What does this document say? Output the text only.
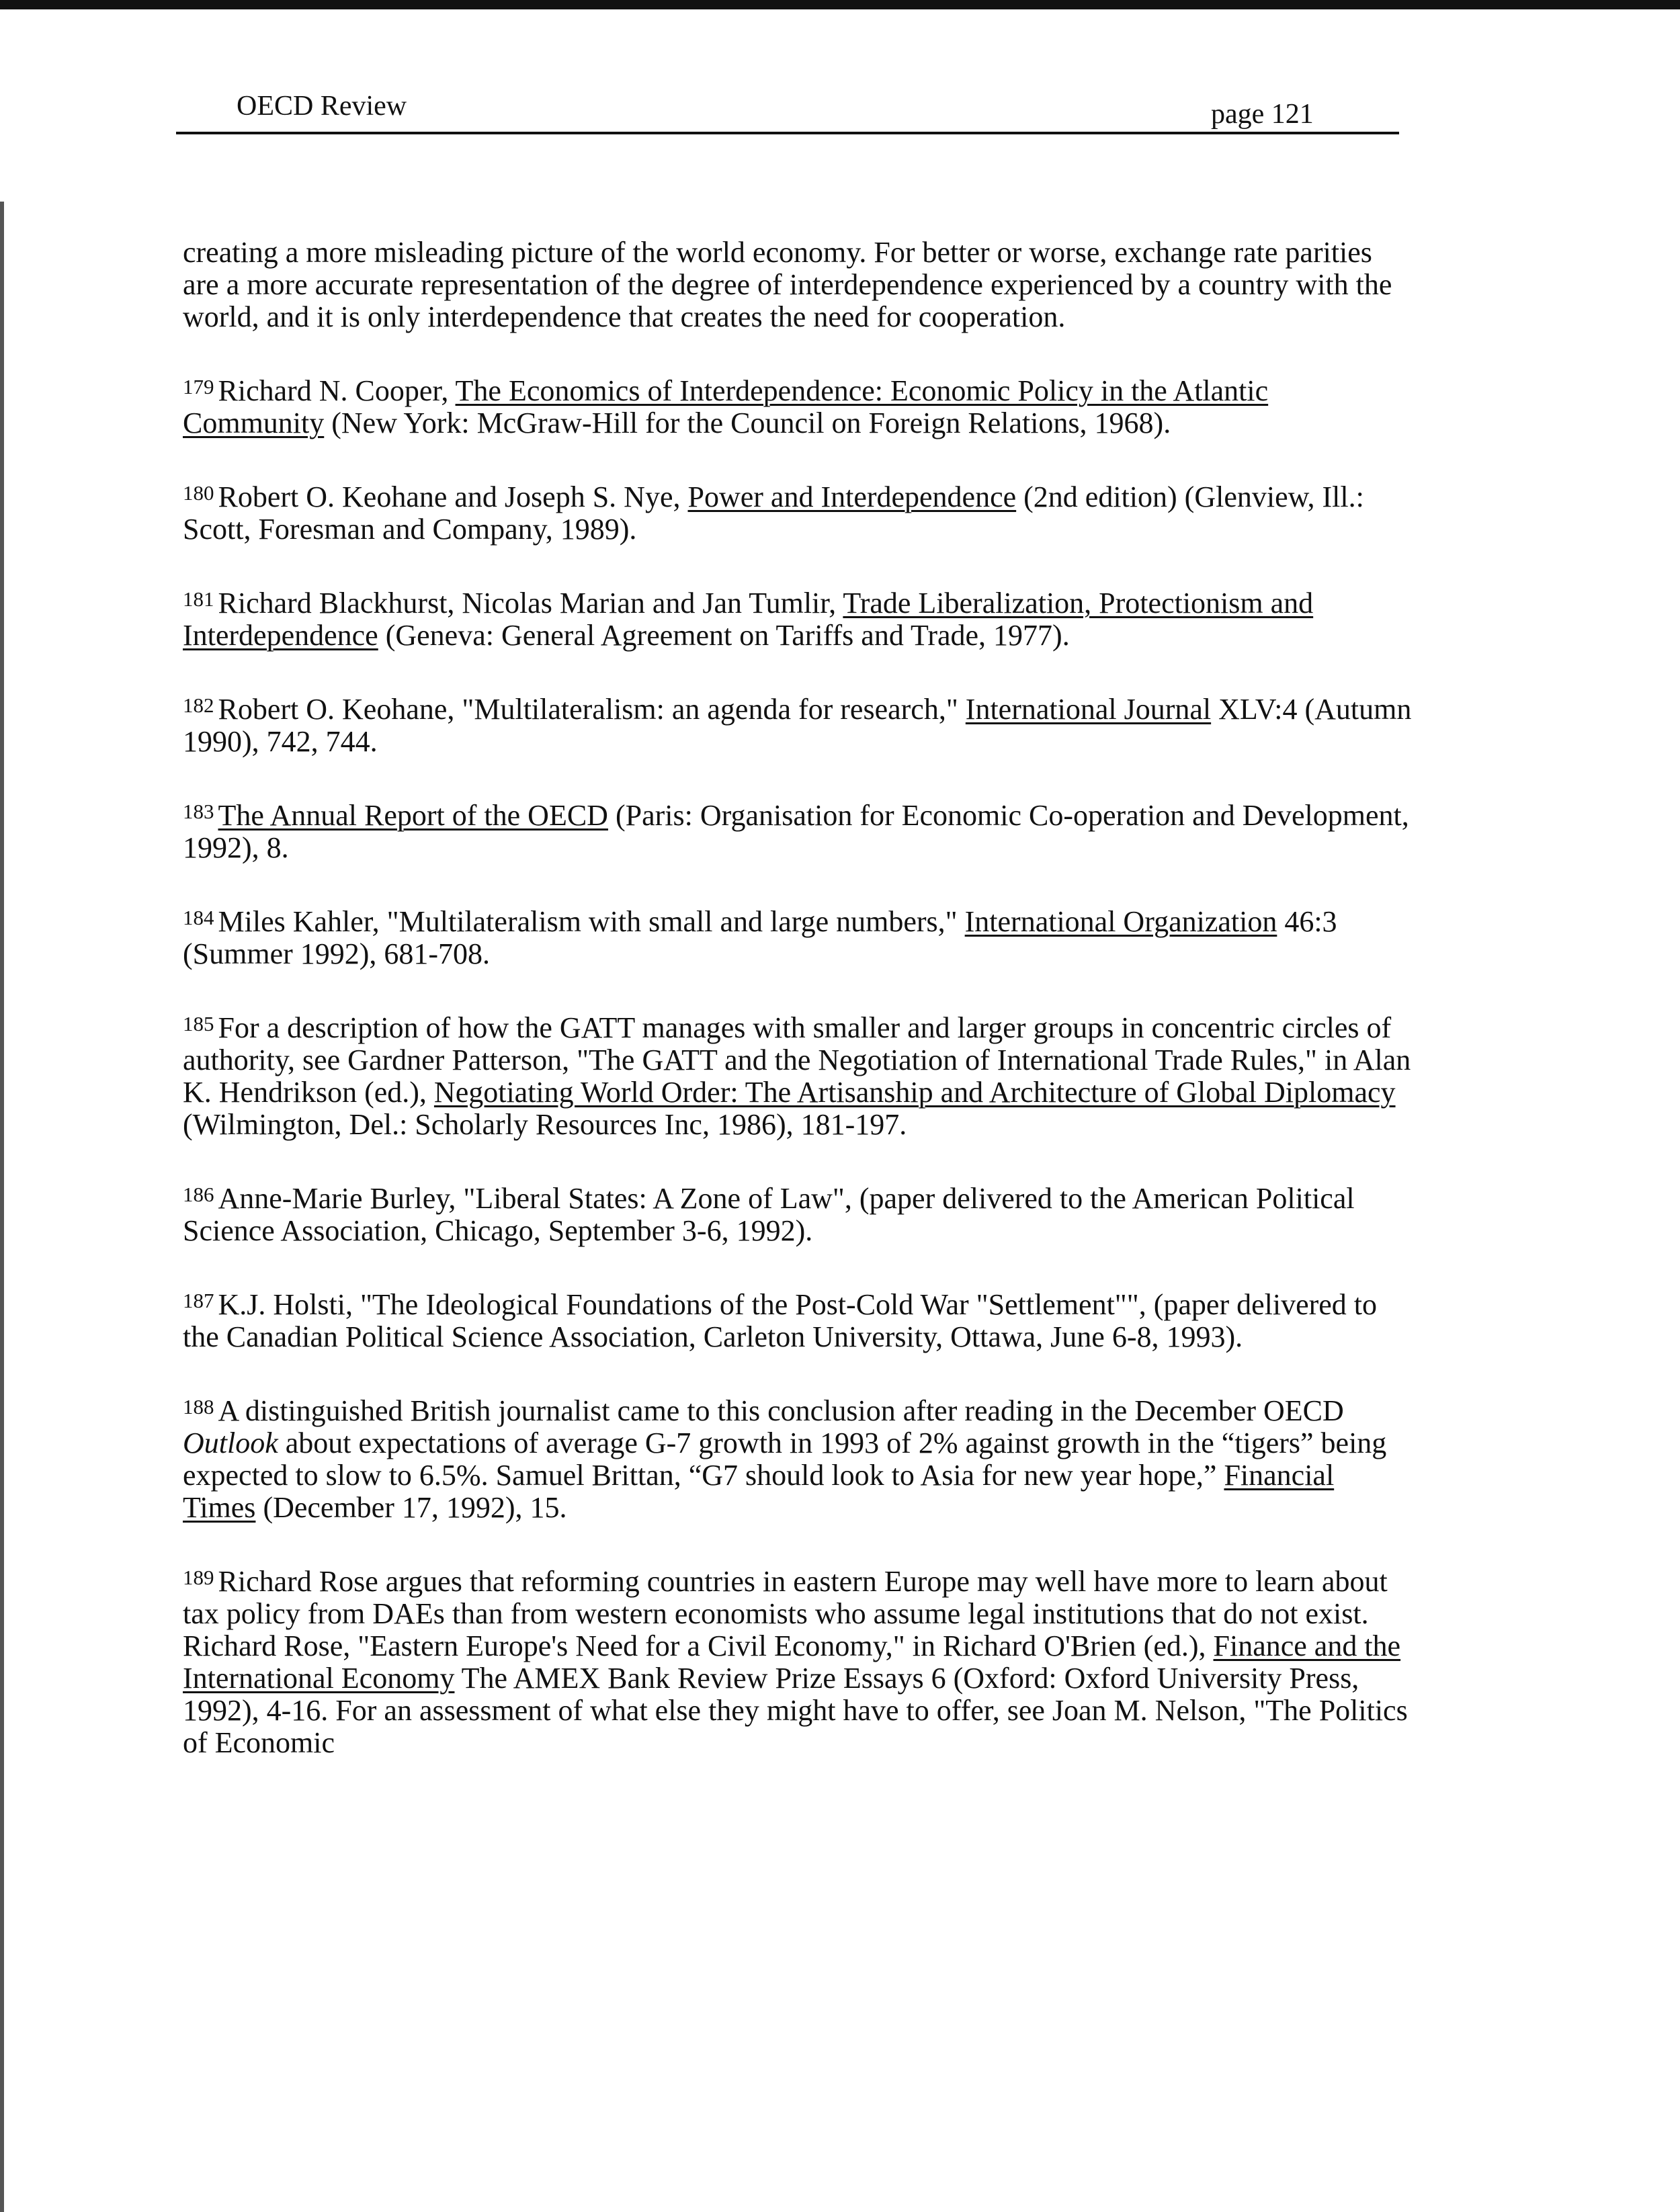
OECD Review	page 121

creating a more misleading picture of the world economy. For better or worse, exchange rate parities are a more accurate representation of the degree of interdependence experienced by a country with the world, and it is only interdependence that creates the need for cooperation.

$^{179}$ Richard N. Cooper, The Economics of Interdependence: Economic Policy in the Atlantic Community (New York: McGraw-Hill for the Council on Foreign Relations, 1968).

$^{180}$ Robert O. Keohane and Joseph S. Nye, Power and Interdependence (2nd edition) (Glenview, Ill.: Scott, Foresman and Company, 1989).

$^{181}$ Richard Blackhurst, Nicolas Marian and Jan Tumlir, Trade Liberalization, Protectionism and Interdependence (Geneva: General Agreement on Tariffs and Trade, 1977).

$^{182}$ Robert O. Keohane, "Multilateralism: an agenda for research," International Journal XLV:4 (Autumn 1990), 742, 744.

$^{183}$ The Annual Report of the OECD (Paris: Organisation for Economic Co-operation and Development, 1992), 8.

$^{184}$ Miles Kahler, "Multilateralism with small and large numbers," International Organization 46:3 (Summer 1992), 681-708.

$^{185}$ For a description of how the GATT manages with smaller and larger groups in concentric circles of authority, see Gardner Patterson, "The GATT and the Negotiation of International Trade Rules," in Alan K. Hendrikson (ed.), Negotiating World Order: The Artisanship and Architecture of Global Diplomacy (Wilmington, Del.: Scholarly Resources Inc, 1986), 181-197.

$^{186}$ Anne-Marie Burley, "Liberal States: A Zone of Law", (paper delivered to the American Political Science Association, Chicago, September 3-6, 1992).

$^{187}$ K.J. Holsti, "The Ideological Foundations of the Post-Cold War "Settlement"", (paper delivered to the Canadian Political Science Association, Carleton University, Ottawa, June 6-8, 1993).

$^{188}$ A distinguished British journalist came to this conclusion after reading in the December OECD Outlook about expectations of average G-7 growth in 1993 of 2% against growth in the “tigers” being expected to slow to 6.5%. Samuel Brittan, “G7 should look to Asia for new year hope,” Financial Times (December 17, 1992), 15.

$^{189}$ Richard Rose argues that reforming countries in eastern Europe may well have more to learn about tax policy from DAEs than from western economists who assume legal institutions that do not exist. Richard Rose, "Eastern Europe's Need for a Civil Economy," in Richard O'Brien (ed.), Finance and the International Economy The AMEX Bank Review Prize Essays 6 (Oxford: Oxford University Press, 1992), 4-16. For an assessment of what else they might have to offer, see Joan M. Nelson, "The Politics of Economic
